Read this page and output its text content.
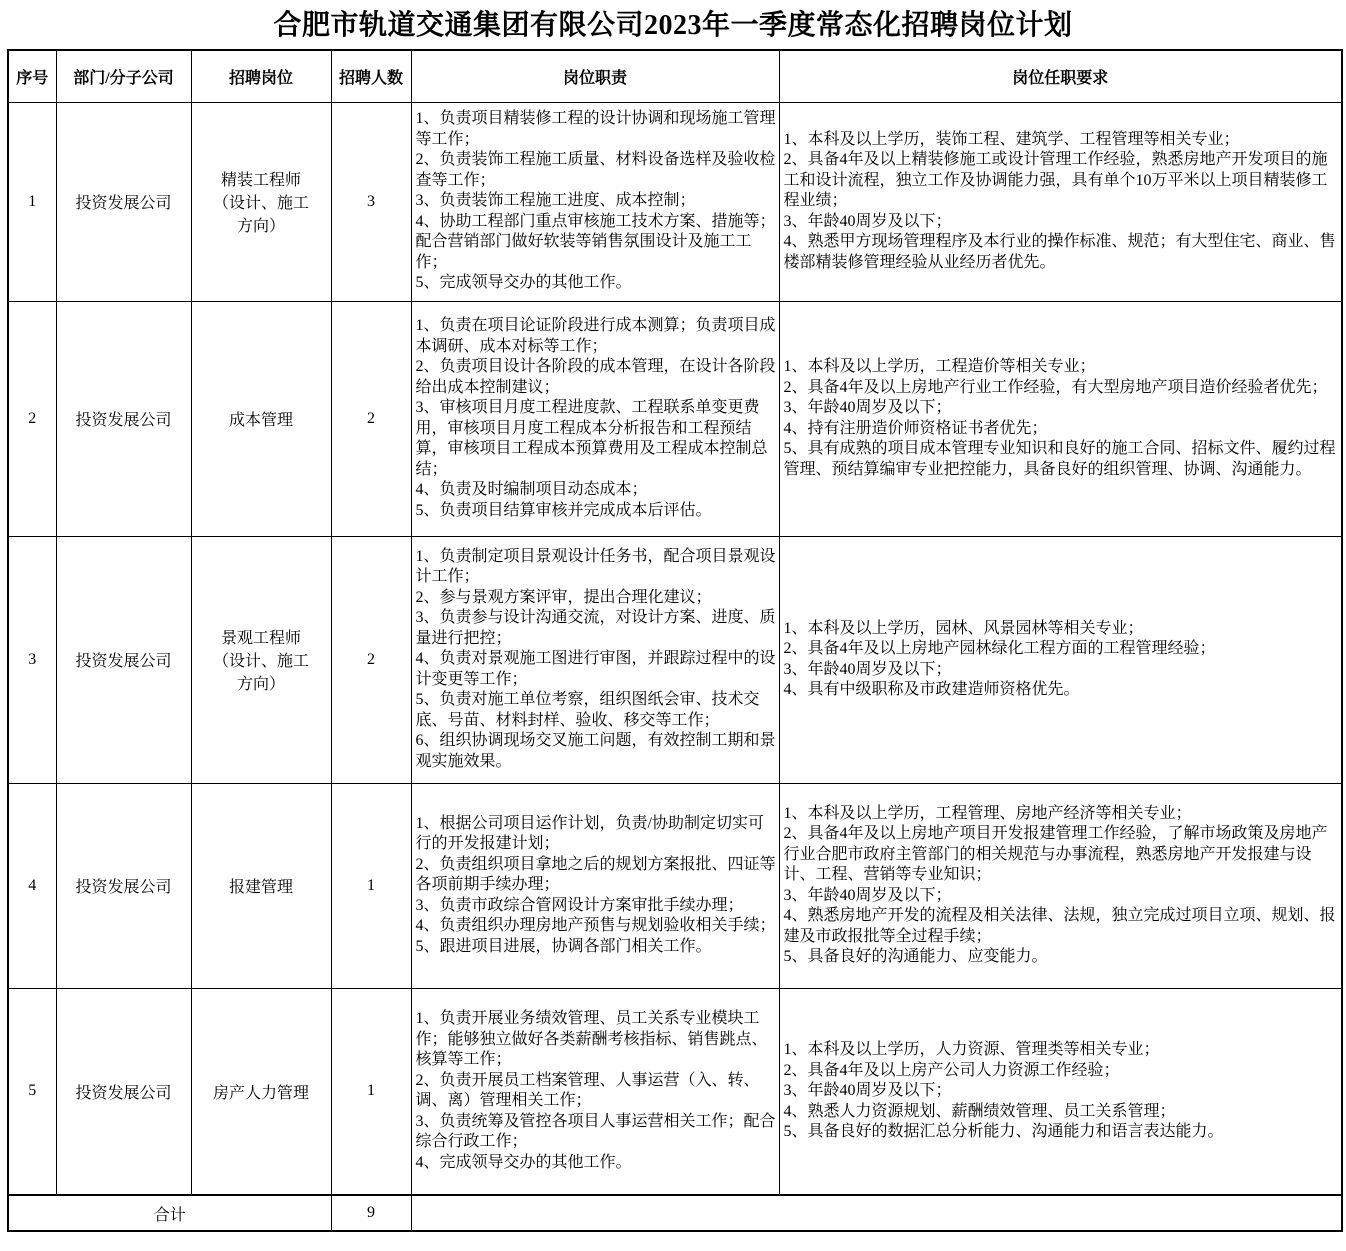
合肥市轨道交通集团有限公司2023年一季度常态化招聘岗位计划
序号	部门/分子公司	招聘岗位	招聘人数	岗位职责	岗位任职要求
1	投资发展公司	精装工程师（设计、施工方向）	3	
1、负责项目精装修工程的设计协调和现场施工管理等工作；
2、负责装饰工程施工质量、材料设备选样及验收检查等工作；
3、负责装饰工程施工进度、成本控制；
4、协助工程部门重点审核施工技术方案、措施等；配合营销部门做好软装等销售氛围设计及施工工作；
5、完成领导交办的其他工作。

1、本科及以上学历，装饰工程、建筑学、工程管理等相关专业；
2、具备4年及以上精装修施工或设计管理工作经验，熟悉房地产开发项目的施工和设计流程，独立工作及协调能力强，具有单个10万平米以上项目精装修工程业绩；
3、年龄40周岁及以下；
4、熟悉甲方现场管理程序及本行业的操作标准、规范；有大型住宅、商业、售楼部精装修管理经验从业经历者优先。

2	投资发展公司	成本管理	2	
1、负责在项目论证阶段进行成本测算；负责项目成本调研、成本对标等工作；
2、负责项目设计各阶段的成本管理，在设计各阶段给出成本控制建议；
3、审核项目月度工程进度款、工程联系单变更费用，审核项目月度工程成本分析报告和工程预结算，审核项目工程成本预算费用及工程成本控制总结；
4、负责及时编制项目动态成本；
5、负责项目结算审核并完成成本后评估。

1、本科及以上学历，工程造价等相关专业；
2、具备4年及以上房地产行业工作经验，有大型房地产项目造价经验者优先；
3、年龄40周岁及以下；
4、持有注册造价师资格证书者优先；
5、具有成熟的项目成本管理专业知识和良好的施工合同、招标文件、履约过程管理、预结算编审专业把控能力，具备良好的组织管理、协调、沟通能力。

3	投资发展公司	景观工程师（设计、施工方向）	2	
1、负责制定项目景观设计任务书，配合项目景观设计工作；
2、参与景观方案评审，提出合理化建议；
3、负责参与设计沟通交流，对设计方案、进度、质量进行把控；
4、负责对景观施工图进行审图，并跟踪过程中的设计变更等工作；
5、负责对施工单位考察，组织图纸会审、技术交底、号苗、材料封样、验收、移交等工作；
6、组织协调现场交叉施工问题，有效控制工期和景观实施效果。

1、本科及以上学历，园林、风景园林等相关专业；
2、具备4年及以上房地产园林绿化工程方面的工程管理经验；
3、年龄40周岁及以下；
4、具有中级职称及市政建造师资格优先。

4	投资发展公司	报建管理	1	
1、根据公司项目运作计划，负责/协助制定切实可行的开发报建计划；
2、负责组织项目拿地之后的规划方案报批、四证等各项前期手续办理；
3、负责市政综合管网设计方案审批手续办理；
4、负责组织办理房地产预售与规划验收相关手续；
5、跟进项目进展，协调各部门相关工作。

1、本科及以上学历，工程管理、房地产经济等相关专业；
2、具备4年及以上房地产项目开发报建管理工作经验，了解市场政策及房地产行业合肥市政府主管部门的相关规范与办事流程，熟悉房地产开发报建与设计、工程、营销等专业知识；
3、年龄40周岁及以下；
4、熟悉房地产开发的流程及相关法律、法规，独立完成过项目立项、规划、报建及市政报批等全过程手续；
5、具备良好的沟通能力、应变能力。

5	投资发展公司	房产人力管理	1	
1、负责开展业务绩效管理、员工关系专业模块工作；能够独立做好各类薪酬考核指标、销售跳点、核算等工作；
2、负责开展员工档案管理、人事运营（入、转、调、离）管理相关工作；
3、负责统筹及管控各项目人事运营相关工作；配合综合行政工作；
4、完成领导交办的其他工作。

1、本科及以上学历，人力资源、管理类等相关专业；
2、具备4年及以上房产公司人力资源工作经验；
3、年龄40周岁及以下；
4、熟悉人力资源规划、薪酬绩效管理、员工关系管理；
5、具备良好的数据汇总分析能力、沟通能力和语言表达能力。

合计			9		
